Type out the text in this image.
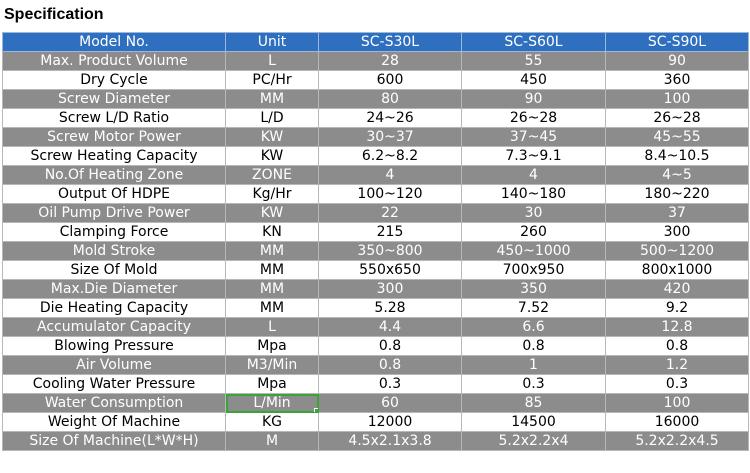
Specification
Model No.	Unit	SC-S30L	SC-S60L	SC-S90L
Max. Product Volume	L	28	55	90
Dry Cycle	PC/Hr	600	450	360
Screw Diameter	MM	80	90	100
Screw L/D Ratio	L/D	24~26	26~28	26~28
Screw Motor Power	KW	30~37	37~45	45~55
Screw Heating Capacity	KW	6.2~8.2	7.3~9.1	8.4~10.5
No.Of Heating Zone	ZONE	4	4	4~5
Output Of HDPE	Kg/Hr	100~120	140~180	180~220
Oil Pump Drive Power	KW	22	30	37
Clamping Force	KN	215	260	300
Mold Stroke	MM	350~800	450~1000	500~1200
Size Of Mold	MM	550x650	700x950	800x1000
Max.Die Diameter	MM	300	350	420
Die Heating Capacity	MM	5.28	7.52	9.2
Accumulator Capacity	L	4.4	6.6	12.8
Blowing Pressure	Mpa	0.8	0.8	0.8
Air Volume	M3/Min	0.8	1	1.2
Cooling Water Pressure	Mpa	0.3	0.3	0.3
Water Consumption	L/Min	60	85	100
Weight Of Machine	KG	12000	14500	16000
Size Of Machine(L*W*H)	M	4.5x2.1x3.8	5.2x2.2x4	5.2x2.2x4.5
